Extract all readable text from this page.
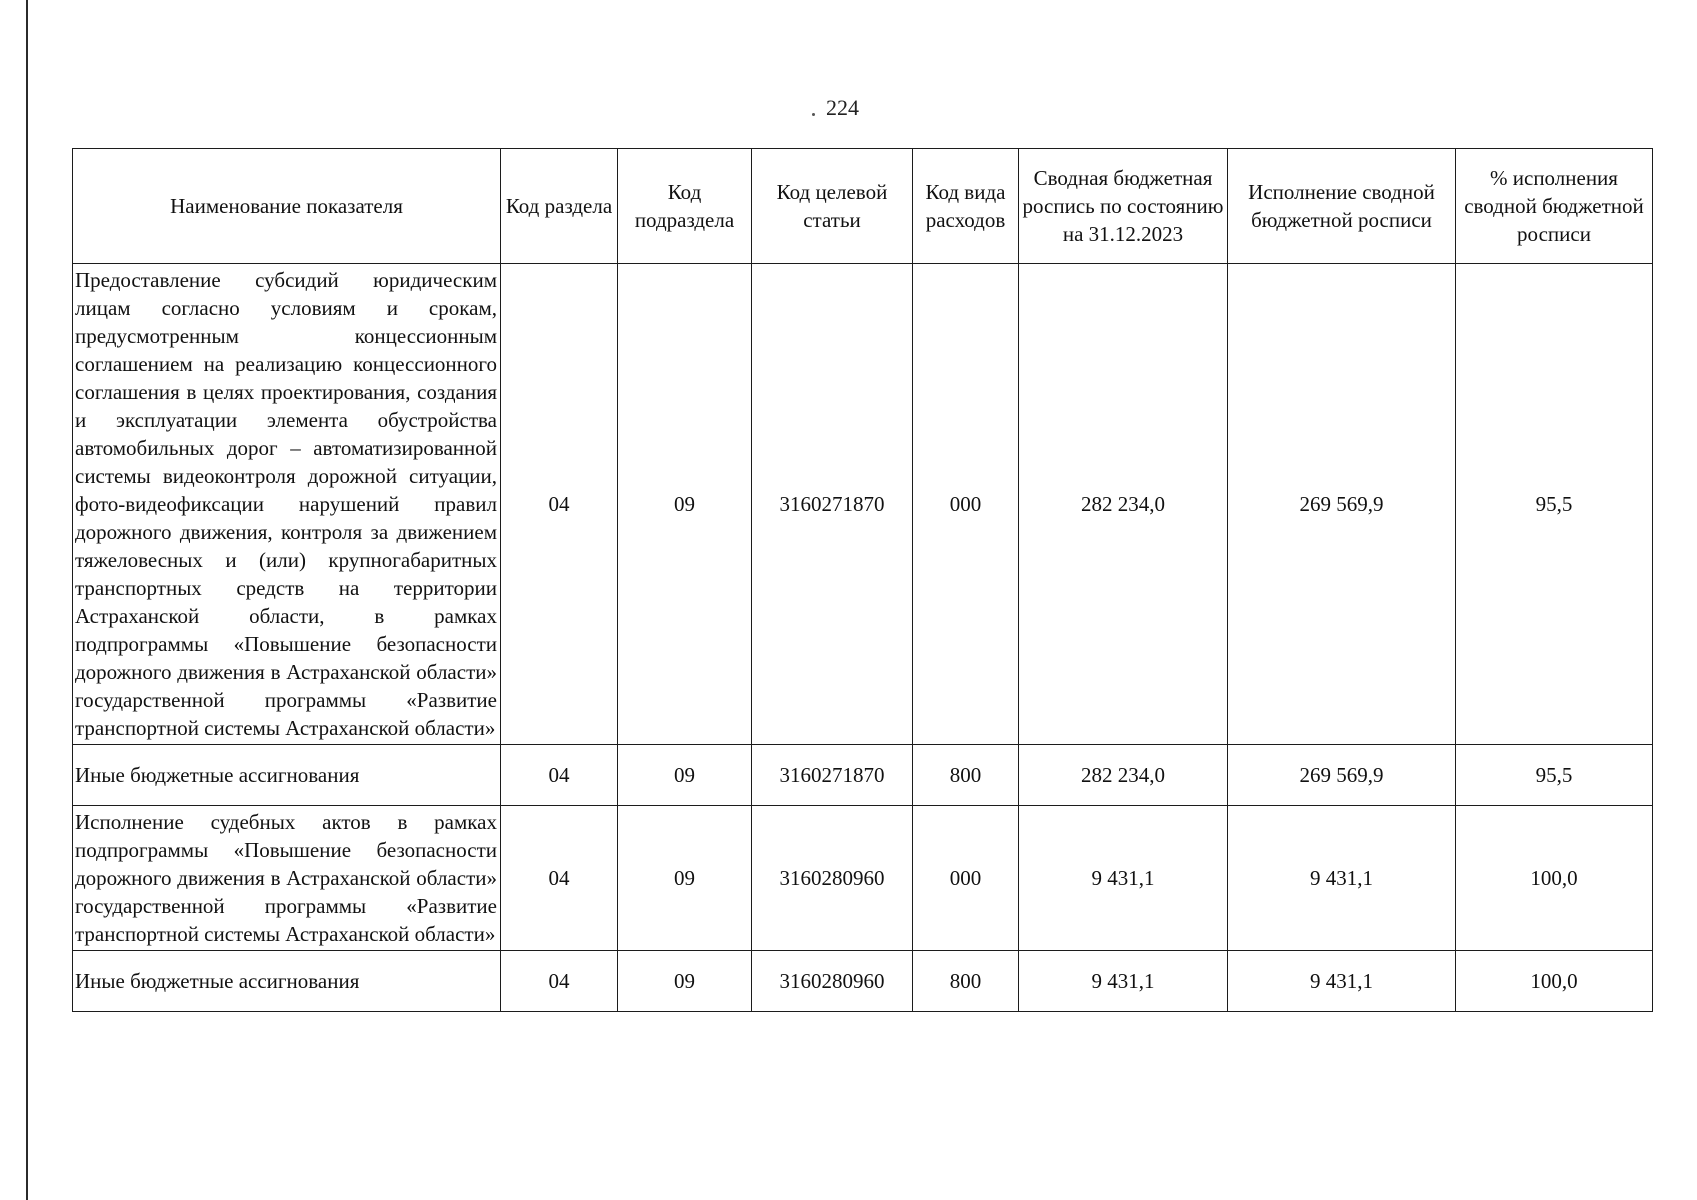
224
Наименование показателя	Код раздела	Код подраздела	Код целевой статьи	Код вида расходов	Сводная бюджетная роспись по состоянию на 31.12.2023	Исполнение сводной бюджетной росписи	% исполнения сводной бюджетной росписи
Предоставление субсидий юридическим лицам согласно условиям и срокам, предусмотренным концессионным соглашением на реализацию концессионного соглашения в целях проектирования, создания и эксплуатации элемента обустройства автомобильных дорог – автоматизированной системы видеоконтроля дорожной ситуации, фото-видеофиксации нарушений правил дорожного движения, контроля за движением тяжеловесных и (или) крупногабаритных транспортных средств на территории Астраханской области, в рамках подпрограммы «Повышение безопасности дорожного движения в Астраханской области» государственной программы «Развитие транспортной системы Астраханской области»	04	09	3160271870	000	282 234,0	269 569,9	95,5
Иные бюджетные ассигнования	04	09	3160271870	800	282 234,0	269 569,9	95,5
Исполнение судебных актов в рамках подпрограммы «Повышение безопасности дорожного движения в Астраханской области» государственной программы «Развитие транспортной системы Астраханской области»	04	09	3160280960	000	9 431,1	9 431,1	100,0
Иные бюджетные ассигнования	04	09	3160280960	800	9 431,1	9 431,1	100,0
